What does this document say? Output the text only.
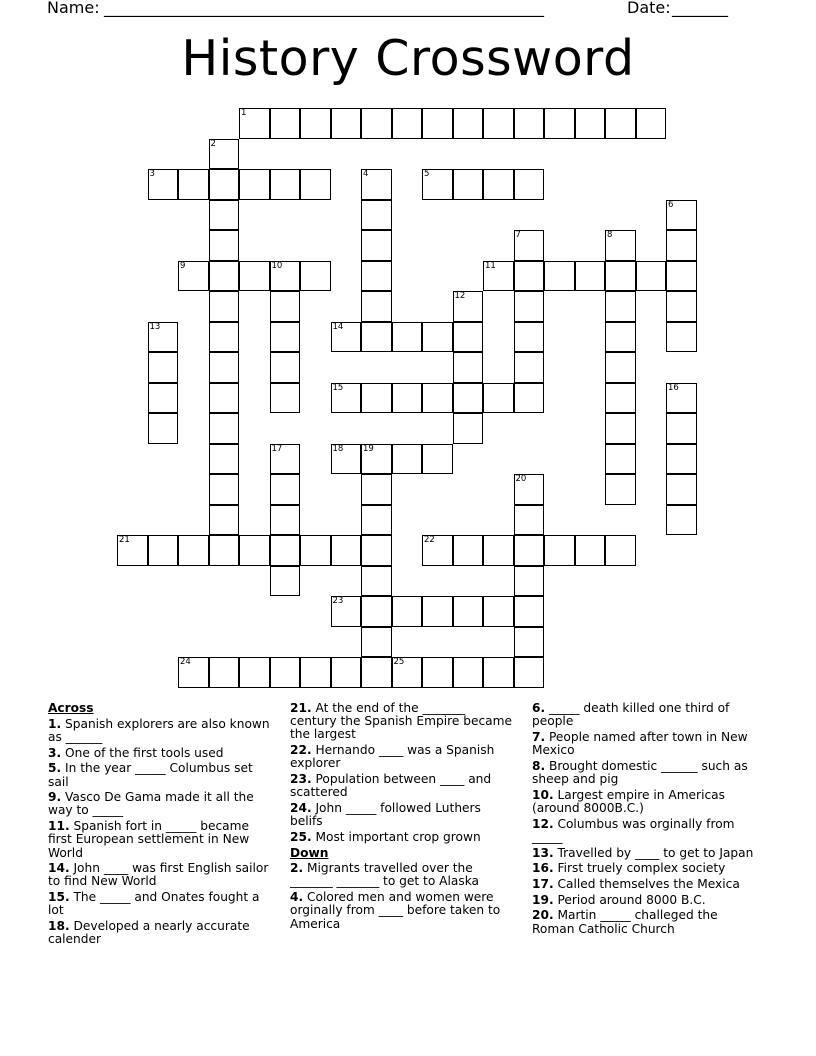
Name: _______________________________________________________	Date: _______
History Crossword
1
2
3	4	5
6
7	8
9	10	11
12
13	14
15	16
17	18 19
20
21	22
23
24	25
Across
1. Spanish explorers are also known as ______
3. One of the first tools used
5. In the year _____ Columbus set sail
9. Vasco De Gama made it all the way to _____
11. Spanish fort in _____ became first European settlement in New World
14. John ____ was first English sailor to find New World
15. The _____ and Onates fought a lot
18. Developed a nearly accurate calender
21. At the end of the _______ century the Spanish Empire became the largest
22. Hernando ____ was a Spanish explorer
23. Population between ____ and scattered
24. John _____ followed Luthers belifs
25. Most important crop grown
Down
2. Migrants travelled over the _______ _______ to get to Alaska
4. Colored men and women were orginally from ____ before taken to America
6. _____ death killed one third of people
7. People named after town in New Mexico
8. Brought domestic ______ such as sheep and pig
10. Largest empire in Americas (around 8000B.C.)
12. Columbus was orginally from _____
13. Travelled by ____ to get to Japan
16. First truely complex society
17. Called themselves the Mexica
19. Period around 8000 B.C.
20. Martin _____ challeged the Roman Catholic Church
